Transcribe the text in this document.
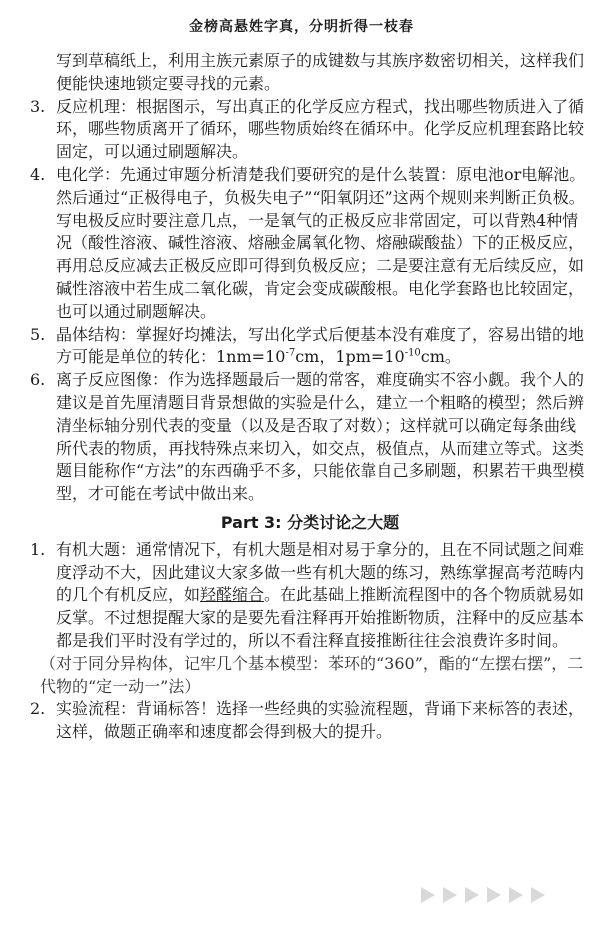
金榜高悬姓字真，分明折得一枝春
写到草稿纸上，利用主族元素原子的成键数与其族序数密切相关，这样我们便能快速地锁定要寻找的元素。
3. 反应机理：根据图示，写出真正的化学反应方程式，找出哪些物质进入了循环，哪些物质离开了循环，哪些物质始终在循环中。化学反应机理套路比较固定，可以通过刷题解决。
4. 电化学：先通过审题分析清楚我们要研究的是什么装置：原电池or电解池。然后通过“正极得电子，负极失电子”“阳氧阴还”这两个规则来判断正负极。写电极反应时要注意几点，一是氧气的正极反应非常固定，可以背熟4种情况（酸性溶液、碱性溶液、熔融金属氧化物、熔融碳酸盐）下的正极反应，再用总反应减去正极反应即可得到负极反应；二是要注意有无后续反应，如碱性溶液中若生成二氧化碳，肯定会变成碳酸根。电化学套路也比较固定，也可以通过刷题解决。
5. 晶体结构：掌握好均摊法，写出化学式后便基本没有难度了，容易出错的地方可能是单位的转化：$1nm=10^{-7}cm$，$1pm=10^{-10}cm$。
6. 离子反应图像：作为选择题最后一题的常客，难度确实不容小觑。我个人的建议是首先厘清题目背景想做的实验是什么，建立一个粗略的模型；然后辨清坐标轴分别代表的变量（以及是否取了对数）；这样就可以确定每条曲线所代表的物质，再找特殊点来切入，如交点，极值点，从而建立等式。这类题目能称作“方法”的东西确乎不多，只能依靠自己多刷题，积累若干典型模型，才可能在考试中做出来。
Part 3: 分类讨论之大题
1. 有机大题：通常情况下，有机大题是相对易于拿分的，且在不同试题之间难度浮动不大，因此建议大家多做一些有机大题的练习，熟练掌握高考范畴内的几个有机反应，如羟醛缩合。在此基础上推断流程图中的各个物质就易如反掌。不过想提醒大家的是要先看注释再开始推断物质，注释中的反应基本都是我们平时没有学过的，所以不看注释直接推断往往会浪费许多时间。
（对于同分异构体，记牢几个基本模型：苯环的“360”，酯的“左摆右摆”，二代物的“定一动一”法）
2. 实验流程：背诵标答！选择一些经典的实验流程题，背诵下来标答的表述，这样，做题正确率和速度都会得到极大的提升。
